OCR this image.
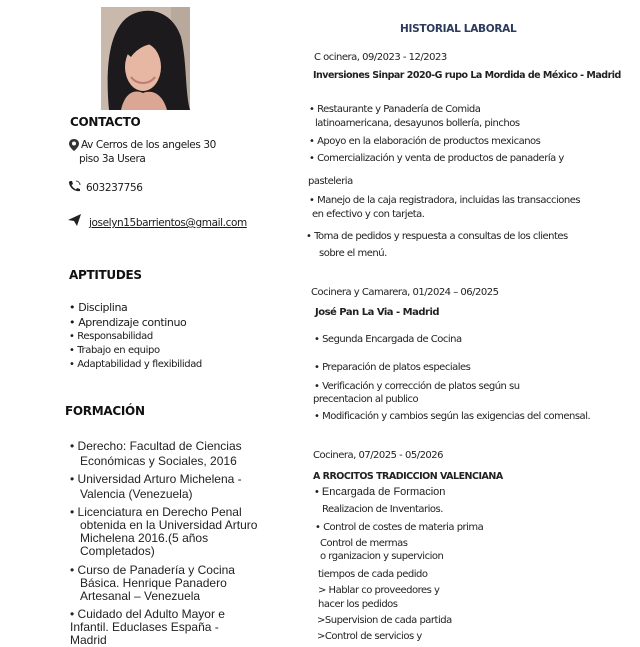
CONTACTO
Av Cerros de los angeles 30
piso 3a Usera
603237756
joselyn15barrientos@gmail.com
APTITUDES
• Disciplina
• Aprendizaje continuo
• Responsabilidad
• Trabajo en equipo
• Adaptabilidad y flexibilidad
FORMACIÓN
• Derecho: Facultad de Ciencias
Económicas y Sociales, 2016
• Universidad Arturo Michelena -
Valencia (Venezuela)
• Licenciatura en Derecho Penal
obtenida en la Universidad Arturo
Michelena 2016.(5 años
Completados)
• Curso de Panadería y Cocina
Básica. Henrique Panadero
Artesanal – Venezuela
• Cuidado del Adulto Mayor e
Infantil. Educlases España -
Madrid
HISTORIAL LABORAL
C ocinera, 09/2023 - 12/2023
Inversiones Sinpar 2020-G rupo La Mordida de México - Madrid
• Restaurante y Panadería de Comida
latinoamericana, desayunos bollería, pinchos
• Apoyo en la elaboración de productos mexicanos
• Comercialización y venta de productos de panadería y
pasteleria
• Manejo de la caja registradora, incluidas las transacciones
en efectivo y con tarjeta.
• Toma de pedidos y respuesta a consultas de los clientes
sobre el menú.
Cocinera y Camarera, 01/2024 – 06/2025
José Pan La Via - Madrid
• Segunda Encargada de Cocina
• Preparación de platos especiales
• Verificación y corrección de platos según su
precentacion al publico
• Modificación y cambios según las exigencias del comensal.
Cocinera, 07/2025 - 05/2026
A RROCITOS TRADICCION VALENCIANA
• Encargada de Formacion
Realizacion de Inventarios.
• Control de costes de materia prima
Control de mermas
o rganizacion y supervicion
tiempos de cada pedido
> Hablar co proveedores y
hacer los pedidos
>Supervision de cada partida
>Control de servicios y
